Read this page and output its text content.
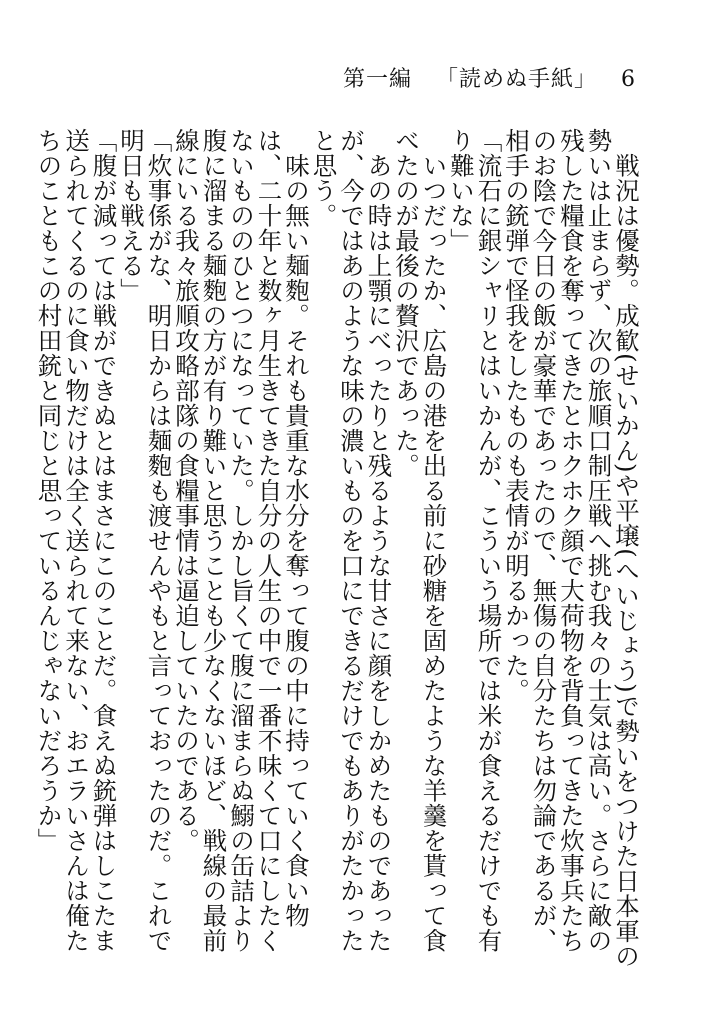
第一編 「読めぬ手紙」 6

戦況は優勢。成歓(せいかん)や平壌(へいじょう)で勢いをつけた日本軍の勢いは止まらず、次の旅順口制圧戦へ挑む我々の士気は高い。さらに敵の残した糧食を奪ってきたとホクホク顔で大荷物を背負ってきた炊事兵たちのお陰で今日の飯が豪華であったので、無傷の自分たちは勿論であるが、相手の銃弾で怪我をしたものも表情が明るかった。

「流石に銀シャリとはいかんが、こういう場所では米が食えるだけでも有り難いな」

いつだったか、広島の港を出る前に砂糖を固めたような羊羹を貰って食べたのが最後の贅沢であった。

あの時は上顎にべったりと残るような甘さに顔をしかめたものであったが、今ではあのような味の濃いものを口にできるだけでもありがたかったと思う。

味の無い麺麭。それも貴重な水分を奪って腹の中に持っていく食い物は、二十年と数ヶ月生きてきた自分の人生の中で一番不味くて口にしたくないもののひとつになっていた。しかし旨くて腹に溜まらぬ鰯の缶詰より腹に溜まる麺麭の方が有り難いと思うことも少なくないほど、戦線の最前線にいる我々旅順攻略部隊の食糧事情は逼迫していたのである。

「炊事係がな、明日からは麺麭も渡せんやもと言っておったのだ。これで明日も戦える」

「腹が減っては戦ができぬとはまさにこのことだ。食えぬ銃弾はしこたま送られてくるのに食い物だけは全く送られて来ない、おエラいさんは俺たちのこともこの村田銃と同じと思っているんじゃないだろうか」
